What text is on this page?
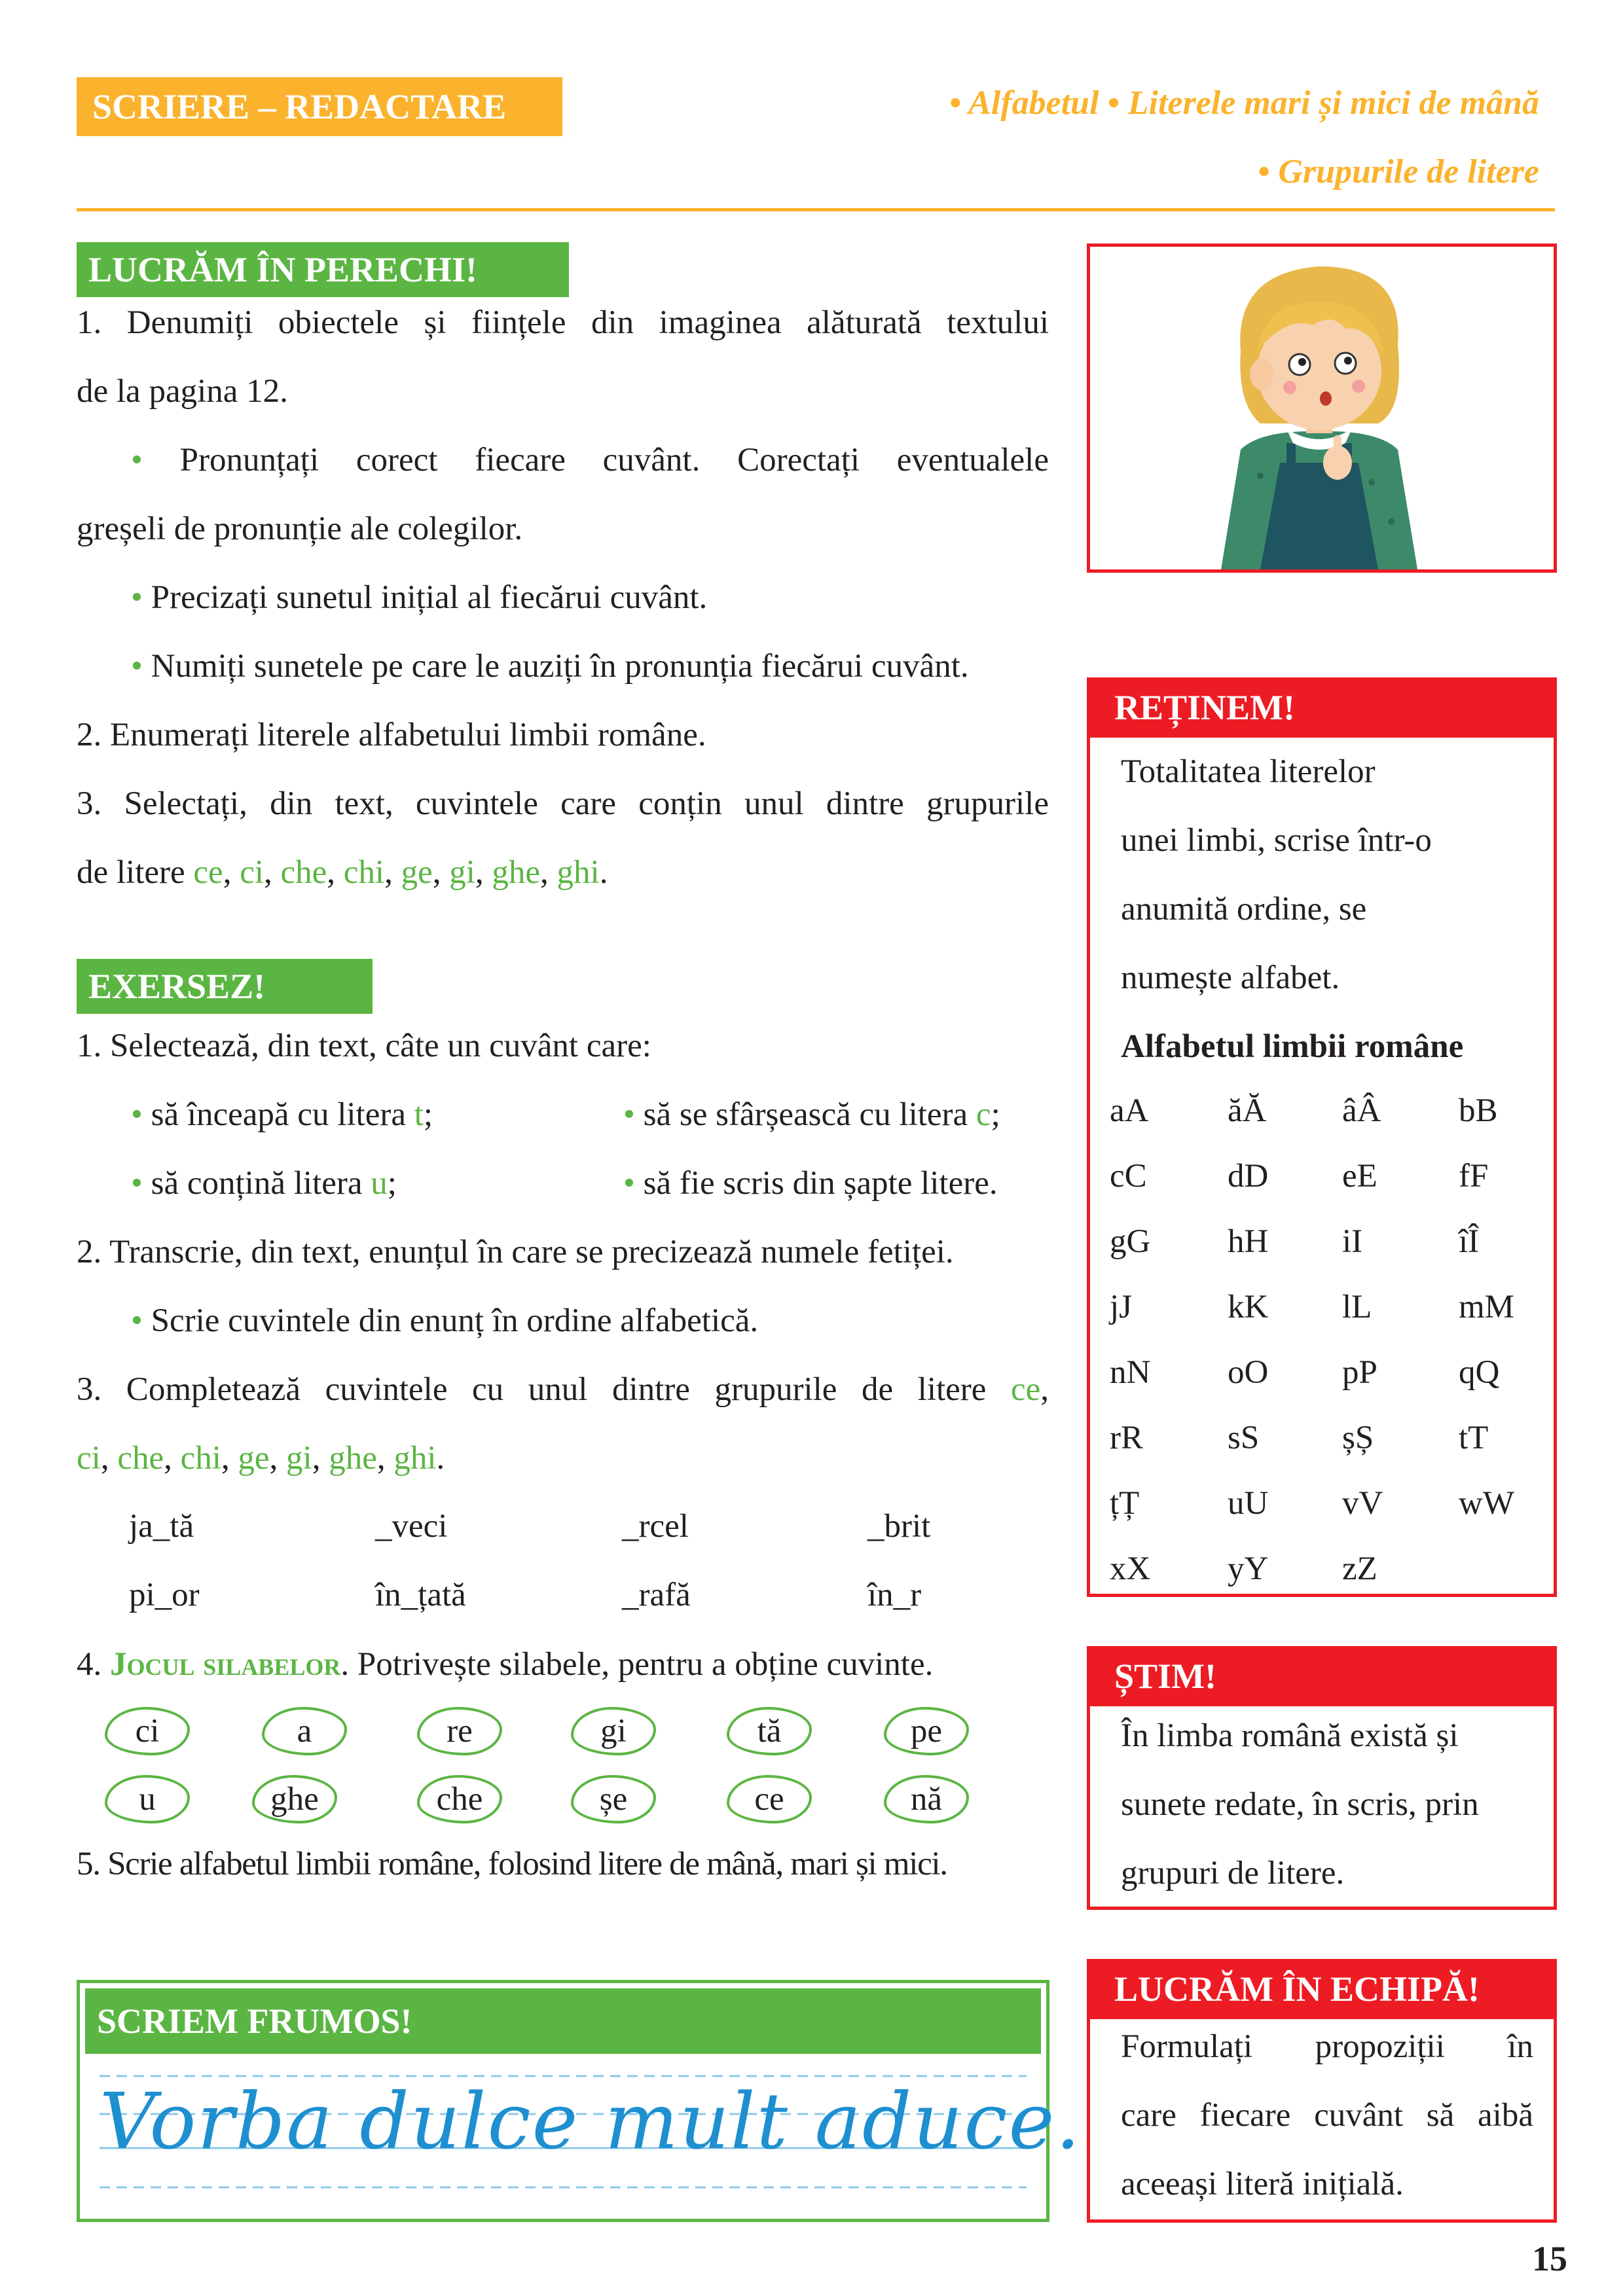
SCRIERE – REDACTARE	• Alfabetul • Literele mari și mici de mână
• Grupurile de litere
LUCRĂM ÎN PERECHI!
1. Denumiți obiectele și ființele din imaginea alăturată textului
de la pagina 12.
• Pronunțați corect fiecare cuvânt. Corectați eventualele
greșeli de pronunție ale colegilor.
• Precizați sunetul inițial al fiecărui cuvânt.
• Numiți sunetele pe care le auziți în pronunția fiecărui cuvânt.
2. Enumerați literele alfabetului limbii române.
3. Selectați, din text, cuvintele care conțin unul dintre grupurile
de litere ce, ci, che, chi, ge, gi, ghe, ghi.
EXERSEZ!
1. Selectează, din text, câte un cuvânt care:
• să înceapă cu litera t;	• să se sfârșească cu litera c;
• să conțină litera u;	• să fie scris din șapte litere.
2. Transcrie, din text, enunțul în care se precizează numele fetiței.
• Scrie cuvintele din enunț în ordine alfabetică.
3. Completează cuvintele cu unul dintre grupurile de litere ce,
ci, che, chi, ge, gi, ghe, ghi.
ja_tă	_veci	_rcel	_brit
pi_or	în_țată	_rafă	în_r
4. Jocul silabelor. Potrivește silabele, pentru a obține cuvinte.
ci	a	re	gi	tă	pe
u	ghe	che	șe	ce	nă
5. Scrie alfabetul limbii române, folosind litere de mână, mari și mici.
SCRIEM FRUMOS!
Vorba dulce mult aduce.
REȚINEM!
Totalitatea literelor
unei limbi, scrise într-o
anumită ordine, se
numește alfabet.
Alfabetul limbii române
aA	ăĂ	âÂ	bB
cC	dD	eE	fF
gG	hH	iI	îÎ
jJ	kK	lL	mM
nN	oO	pP	qQ
rR	sS	șȘ	tT
țȚ	uU	vV	wW
xX	yY	zZ
ȘTIM!
În limba română există și
sunete redate, în scris, prin
grupuri de litere.
LUCRĂM ÎN ECHIPĂ!
Formulați propoziții în
care fiecare cuvânt să aibă
aceeași literă inițială.
15
